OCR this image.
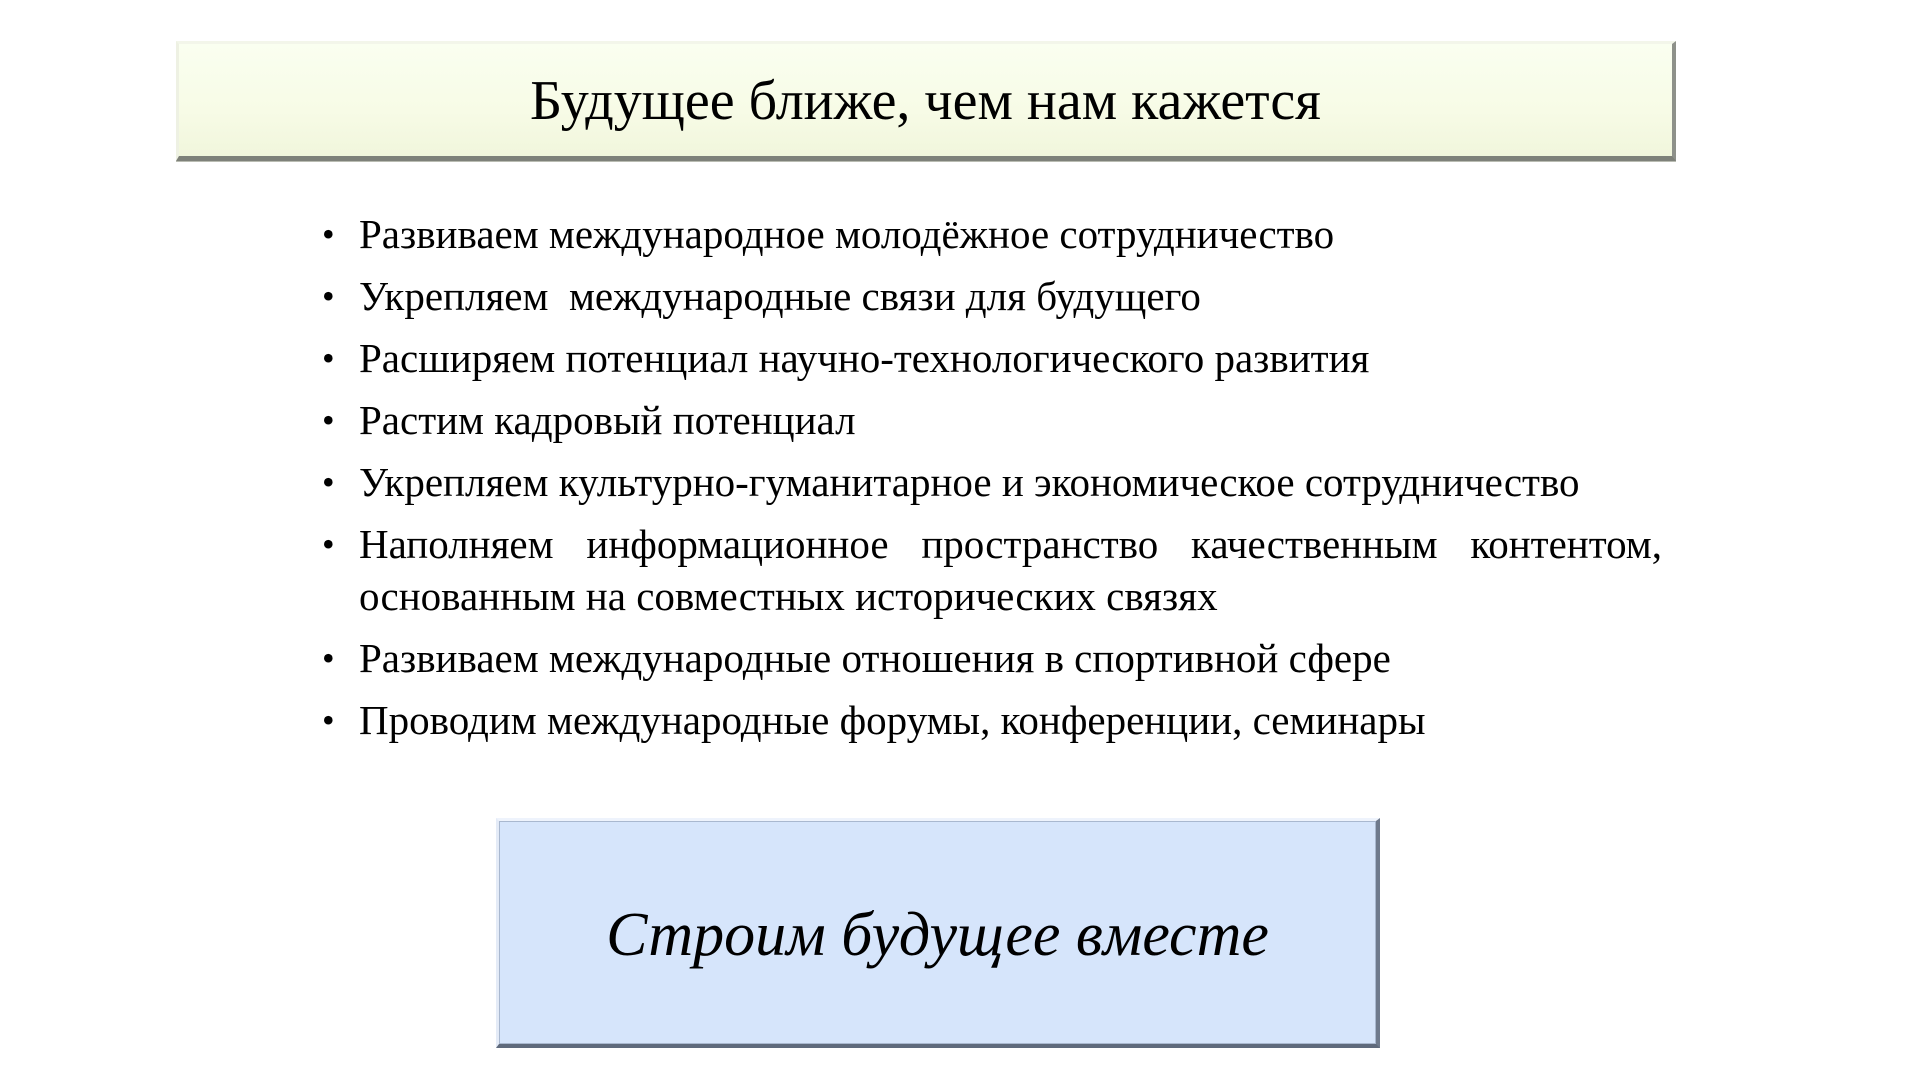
Будущее ближе, чем нам кажется
• Развиваем международное молодёжное сотрудничество
• Укрепляем  международные связи для будущего
• Расширяем потенциал научно-технологического развития
• Растим кадровый потенциал
• Укрепляем культурно-гуманитарное и экономическое сотрудничество
• Наполняем информационное пространство качественным контентом, основанным на совместных исторических связях
• Развиваем международные отношения в спортивной сфере
• Проводим международные форумы, конференции, семинары
Строим будущее вместе
